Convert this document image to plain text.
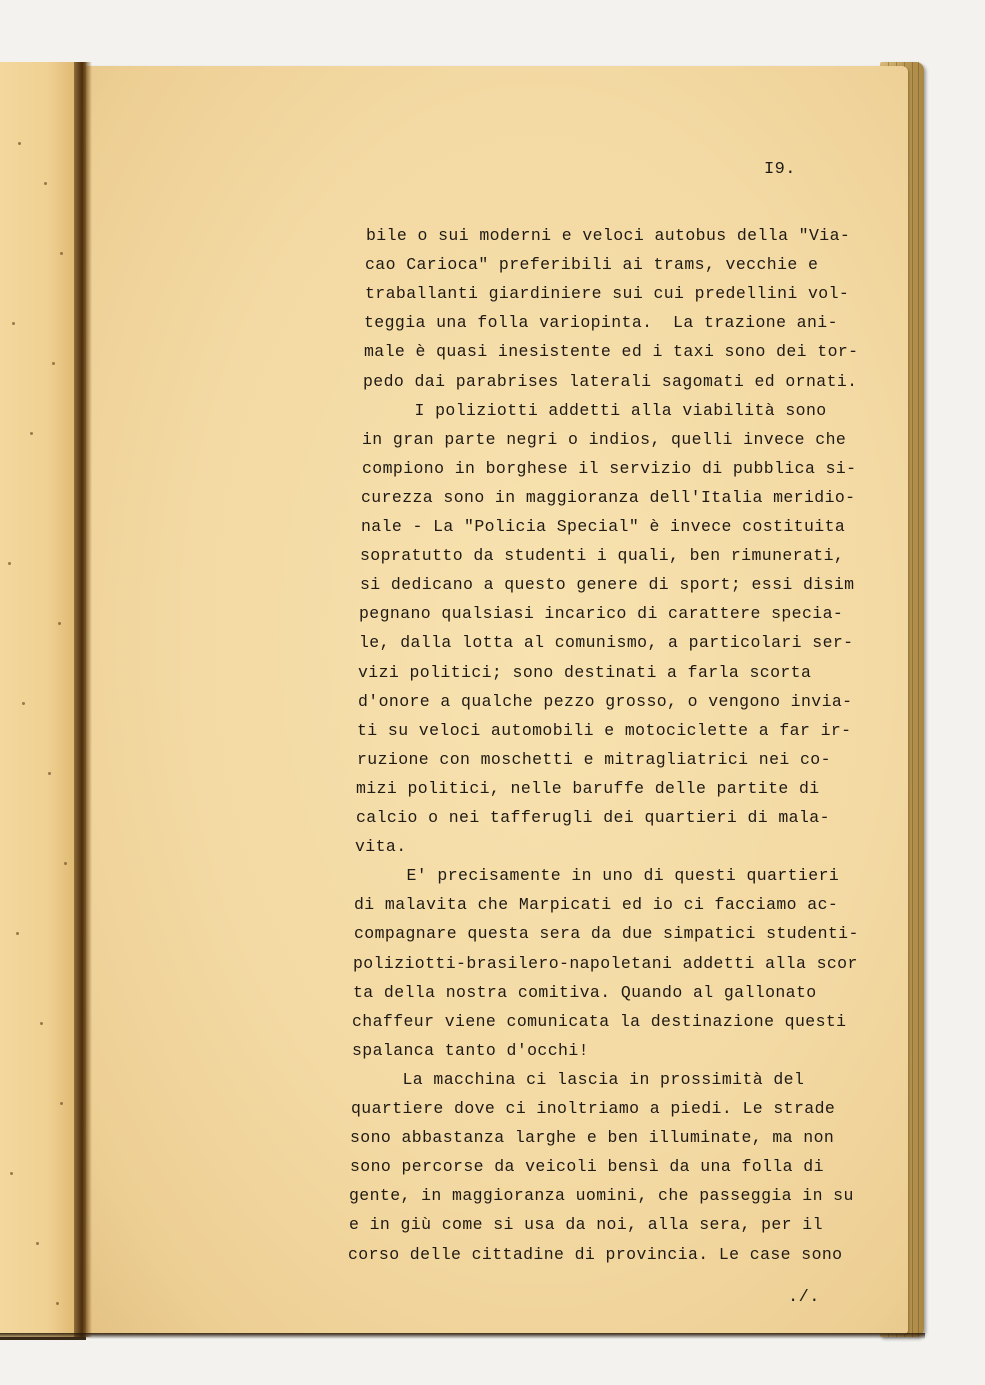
I9.
bile o sui moderni e veloci autobus della "Via-
cao Carioca" preferibili ai trams, vecchie e
traballanti giardiniere sui cui predellini vol-
teggia una folla variopinta.  La trazione ani-
male è quasi inesistente ed i taxi sono dei tor-
pedo dai parabrises laterali sagomati ed ornati.
I poliziotti addetti alla viabilità sono
in gran parte negri o indios, quelli invece che
compiono in borghese il servizio di pubblica si-
curezza sono in maggioranza dell'Italia meridio-
nale - La "Policia Special" è invece costituita
sopratutto da studenti i quali, ben rimunerati,
si dedicano a questo genere di sport; essi disim
pegnano qualsiasi incarico di carattere specia-
le, dalla lotta al comunismo, a particolari ser-
vizi politici; sono destinati a farla scorta
d'onore a qualche pezzo grosso, o vengono invia-
ti su veloci automobili e motociclette a far ir-
ruzione con moschetti e mitragliatrici nei co-
mizi politici, nelle baruffe delle partite di
calcio o nei tafferugli dei quartieri di mala-
vita.
E' precisamente in uno di questi quartieri
di malavita che Marpicati ed io ci facciamo ac-
compagnare questa sera da due simpatici studenti-
poliziotti-brasilero-napoletani addetti alla scor
ta della nostra comitiva. Quando al gallonato
chaffeur viene comunicata la destinazione questi
spalanca tanto d'occhi!
La macchina ci lascia in prossimità del
quartiere dove ci inoltriamo a piedi. Le strade
sono abbastanza larghe e ben illuminate, ma non
sono percorse da veicoli bensì da una folla di
gente, in maggioranza uomini, che passeggia in su
e in giù come si usa da noi, alla sera, per il
corso delle cittadine di provincia. Le case sono
./.
